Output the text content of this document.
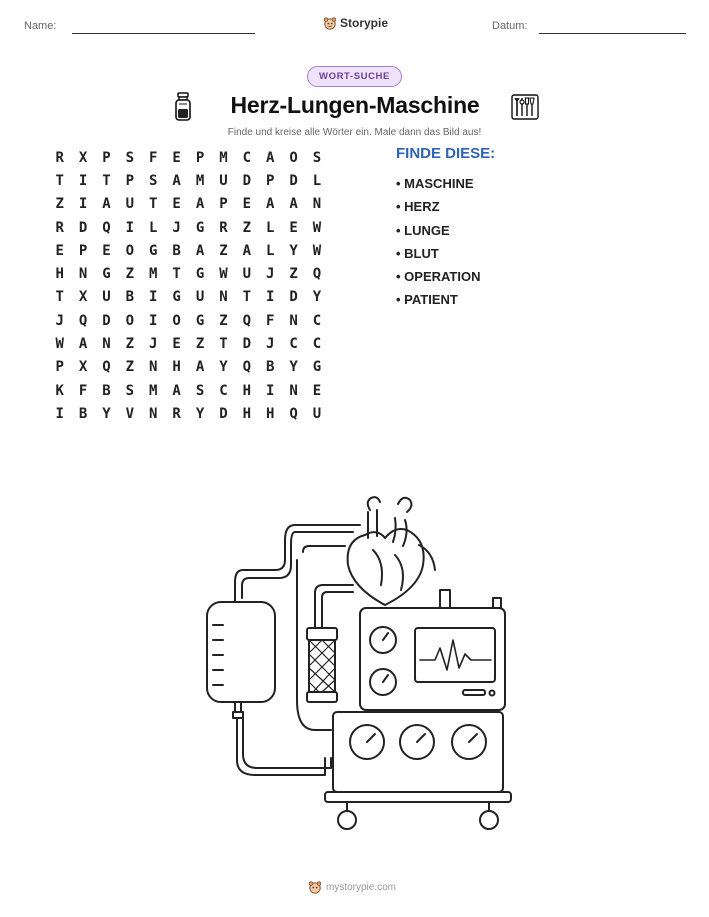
Name:	Storypie	Datum:
WORT-SUCHE
Herz-Lungen-Maschine
Finde und kreise alle Wörter ein. Male dann das Bild aus!
R	X	P	S	F	E	P	M	C	A	O	S
T	I	T	P	S	A	M	U	D	P	D	L
Z	I	A	U	T	E	A	P	E	A	A	N
R	D	Q	I	L	J	G	R	Z	L	E	W
E	P	E	O	G	B	A	Z	A	L	Y	W
H	N	G	Z	M	T	G	W	U	J	Z	Q
T	X	U	B	I	G	U	N	T	I	D	Y
J	Q	D	O	I	O	G	Z	Q	F	N	C
W	A	N	Z	J	E	Z	T	D	J	C	C
P	X	Q	Z	N	H	A	Y	Q	B	Y	G
K	F	B	S	M	A	S	C	H	I	N	E
I	B	Y	V	N	R	Y	D	H	H	Q	U
FINDE DIESE:
• MASCHINE
• HERZ
• LUNGE
• BLUT
• OPERATION
• PATIENT
mystorypie.com
